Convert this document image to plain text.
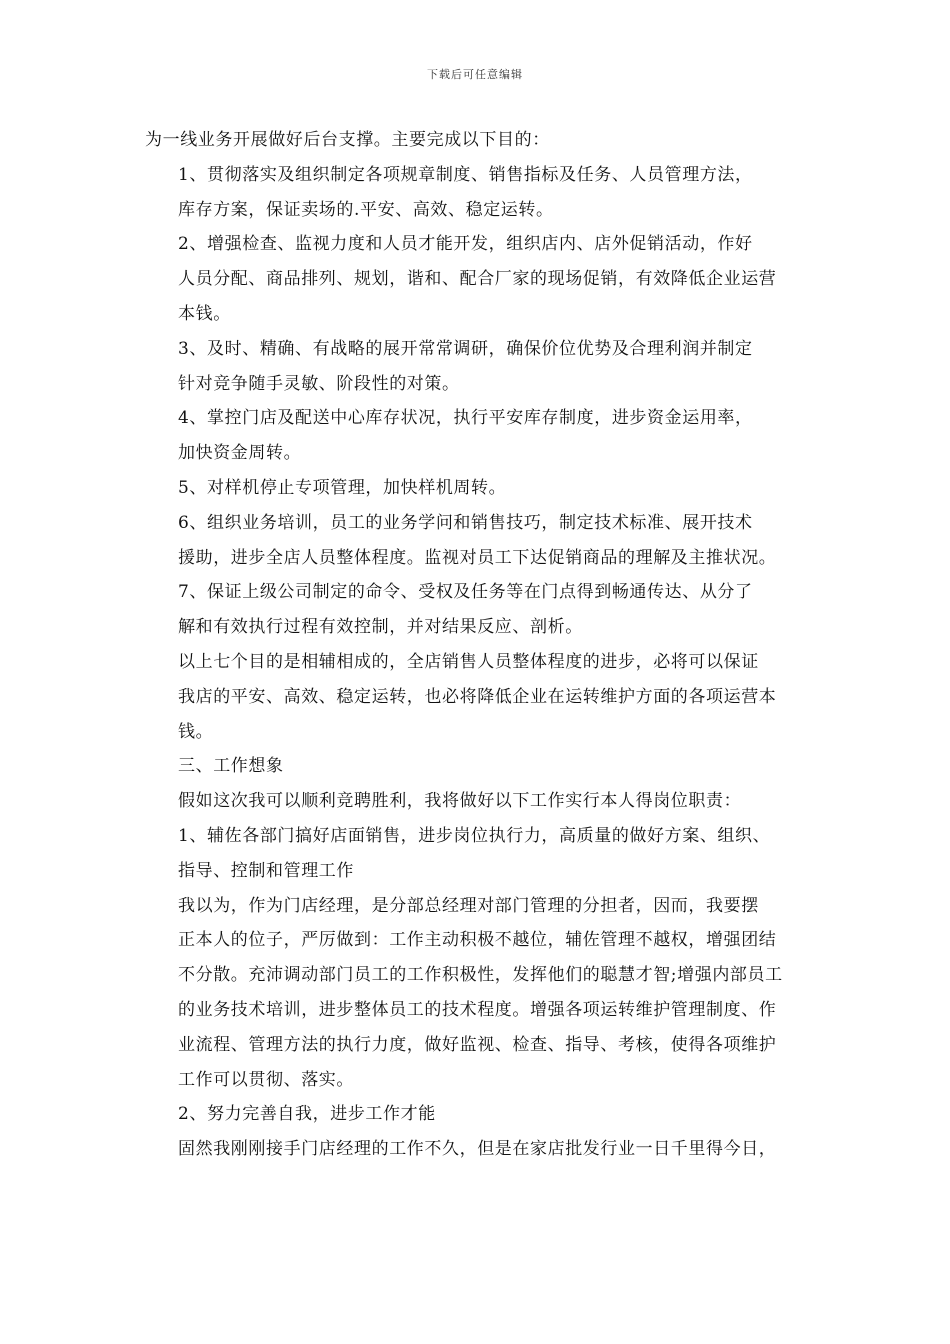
下载后可任意编辑

为一线业务开展做好后台支撑。主要完成以下目的：

1、贯彻落实及组织制定各项规章制度、销售指标及任务、人员管理方法，
库存方案，保证卖场的.平安、高效、稳定运转。

2、增强检查、监视力度和人员才能开发，组织店内、店外促销活动，作好
人员分配、商品排列、规划，谐和、配合厂家的现场促销，有效降低企业运营
本钱。

3、及时、精确、有战略的展开常常调研，确保价位优势及合理利润并制定
针对竞争随手灵敏、阶段性的对策。

4、掌控门店及配送中心库存状况，执行平安库存制度，进步资金运用率，
加快资金周转。

5、对样机停止专项管理，加快样机周转。

6、组织业务培训，员工的业务学问和销售技巧，制定技术标准、展开技术
援助，进步全店人员整体程度。监视对员工下达促销商品的理解及主推状况。

7、保证上级公司制定的命令、受权及任务等在门点得到畅通传达、从分了
解和有效执行过程有效控制，并对结果反应、剖析。

以上七个目的是相辅相成的，全店销售人员整体程度的进步，必将可以保证
我店的平安、高效、稳定运转，也必将降低企业在运转维护方面的各项运营本
钱。

三、工作想象

假如这次我可以顺利竞聘胜利，我将做好以下工作实行本人得岗位职责：

1、辅佐各部门搞好店面销售，进步岗位执行力，高质量的做好方案、组织、
指导、控制和管理工作

我以为，作为门店经理，是分部总经理对部门管理的分担者，因而，我要摆
正本人的位子，严厉做到：工作主动积极不越位，辅佐管理不越权，增强团结
不分散。充沛调动部门员工的工作积极性，发挥他们的聪慧才智;增强内部员工
的业务技术培训，进步整体员工的技术程度。增强各项运转维护管理制度、作
业流程、管理方法的执行力度，做好监视、检查、指导、考核，使得各项维护
工作可以贯彻、落实。

2、努力完善自我，进步工作才能

固然我刚刚接手门店经理的工作不久，但是在家店批发行业一日千里得今日，
